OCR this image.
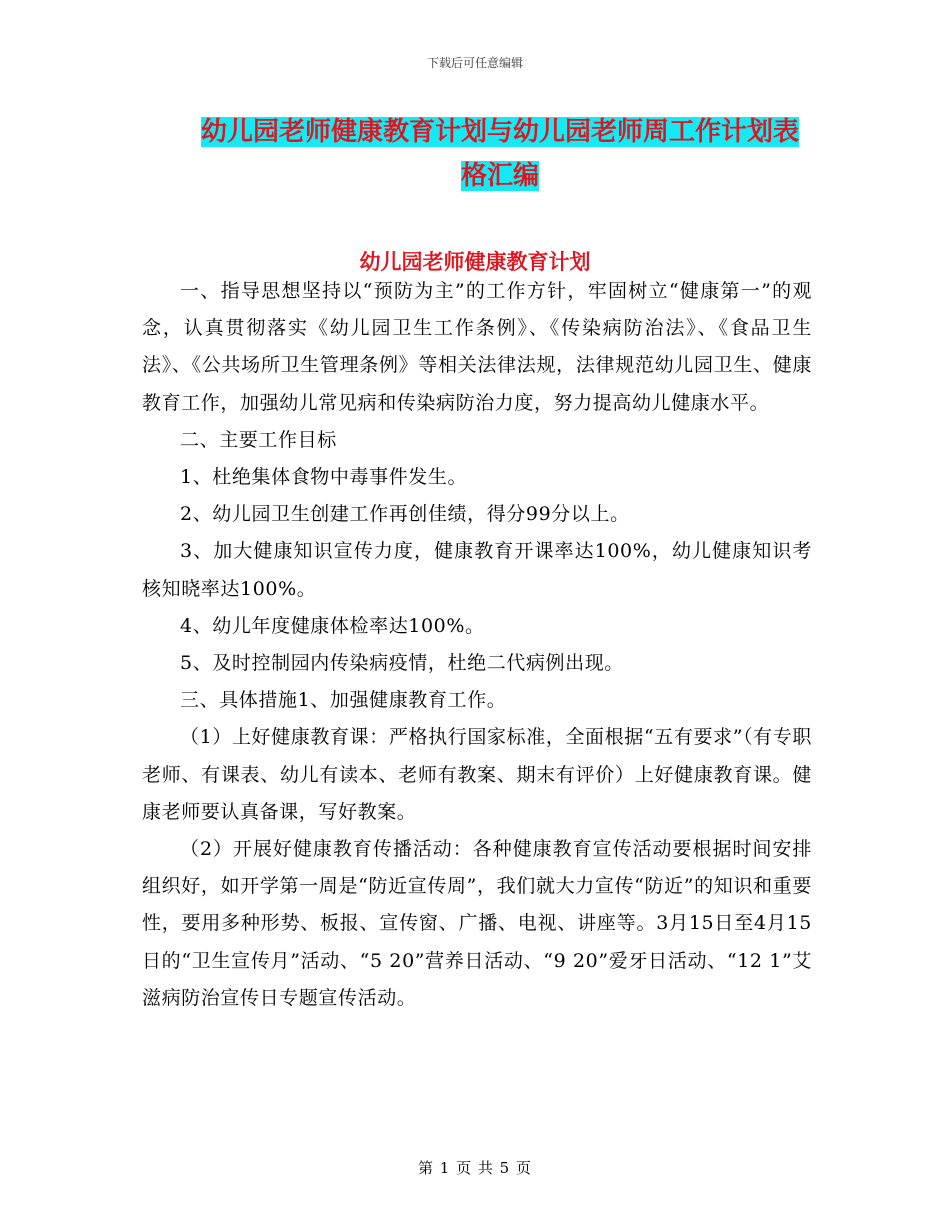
下载后可任意编辑
幼儿园老师健康教育计划与幼儿园老师周工作计划表
格汇编
幼儿园老师健康教育计划

一、指导思想坚持以“预防为主”的工作方针，牢固树立“健康第一”的观念，认真贯彻落实《幼儿园卫生工作条例》、《传染病防治法》、《食品卫生法》、《公共场所卫生管理条例》等相关法律法规，法律规范幼儿园卫生、健康教育工作，加强幼儿常见病和传染病防治力度，努力提高幼儿健康水平。

二、主要工作目标

1、杜绝集体食物中毒事件发生。

2、幼儿园卫生创建工作再创佳绩，得分99分以上。

3、加大健康知识宣传力度，健康教育开课率达100%，幼儿健康知识考核知晓率达100%。

4、幼儿年度健康体检率达100%。

5、及时控制园内传染病疫情，杜绝二代病例出现。

三、具体措施1、加强健康教育工作。

（1）上好健康教育课：严格执行国家标准，全面根据“五有要求”（有专职老师、有课表、幼儿有读本、老师有教案、期末有评价）上好健康教育课。健康老师要认真备课，写好教案。

（2）开展好健康教育传播活动：各种健康教育宣传活动要根据时间安排组织好，如开学第一周是“防近宣传周”，我们就大力宣传“防近”的知识和重要性，要用多种形势、板报、宣传窗、广播、电视、讲座等。3月15日至4月15日的“卫生宣传月”活动、“5 20”营养日活动、“9 20”爱牙日活动、“12 1”艾滋病防治宣传日专题宣传活动。

第 1 页 共 5 页
